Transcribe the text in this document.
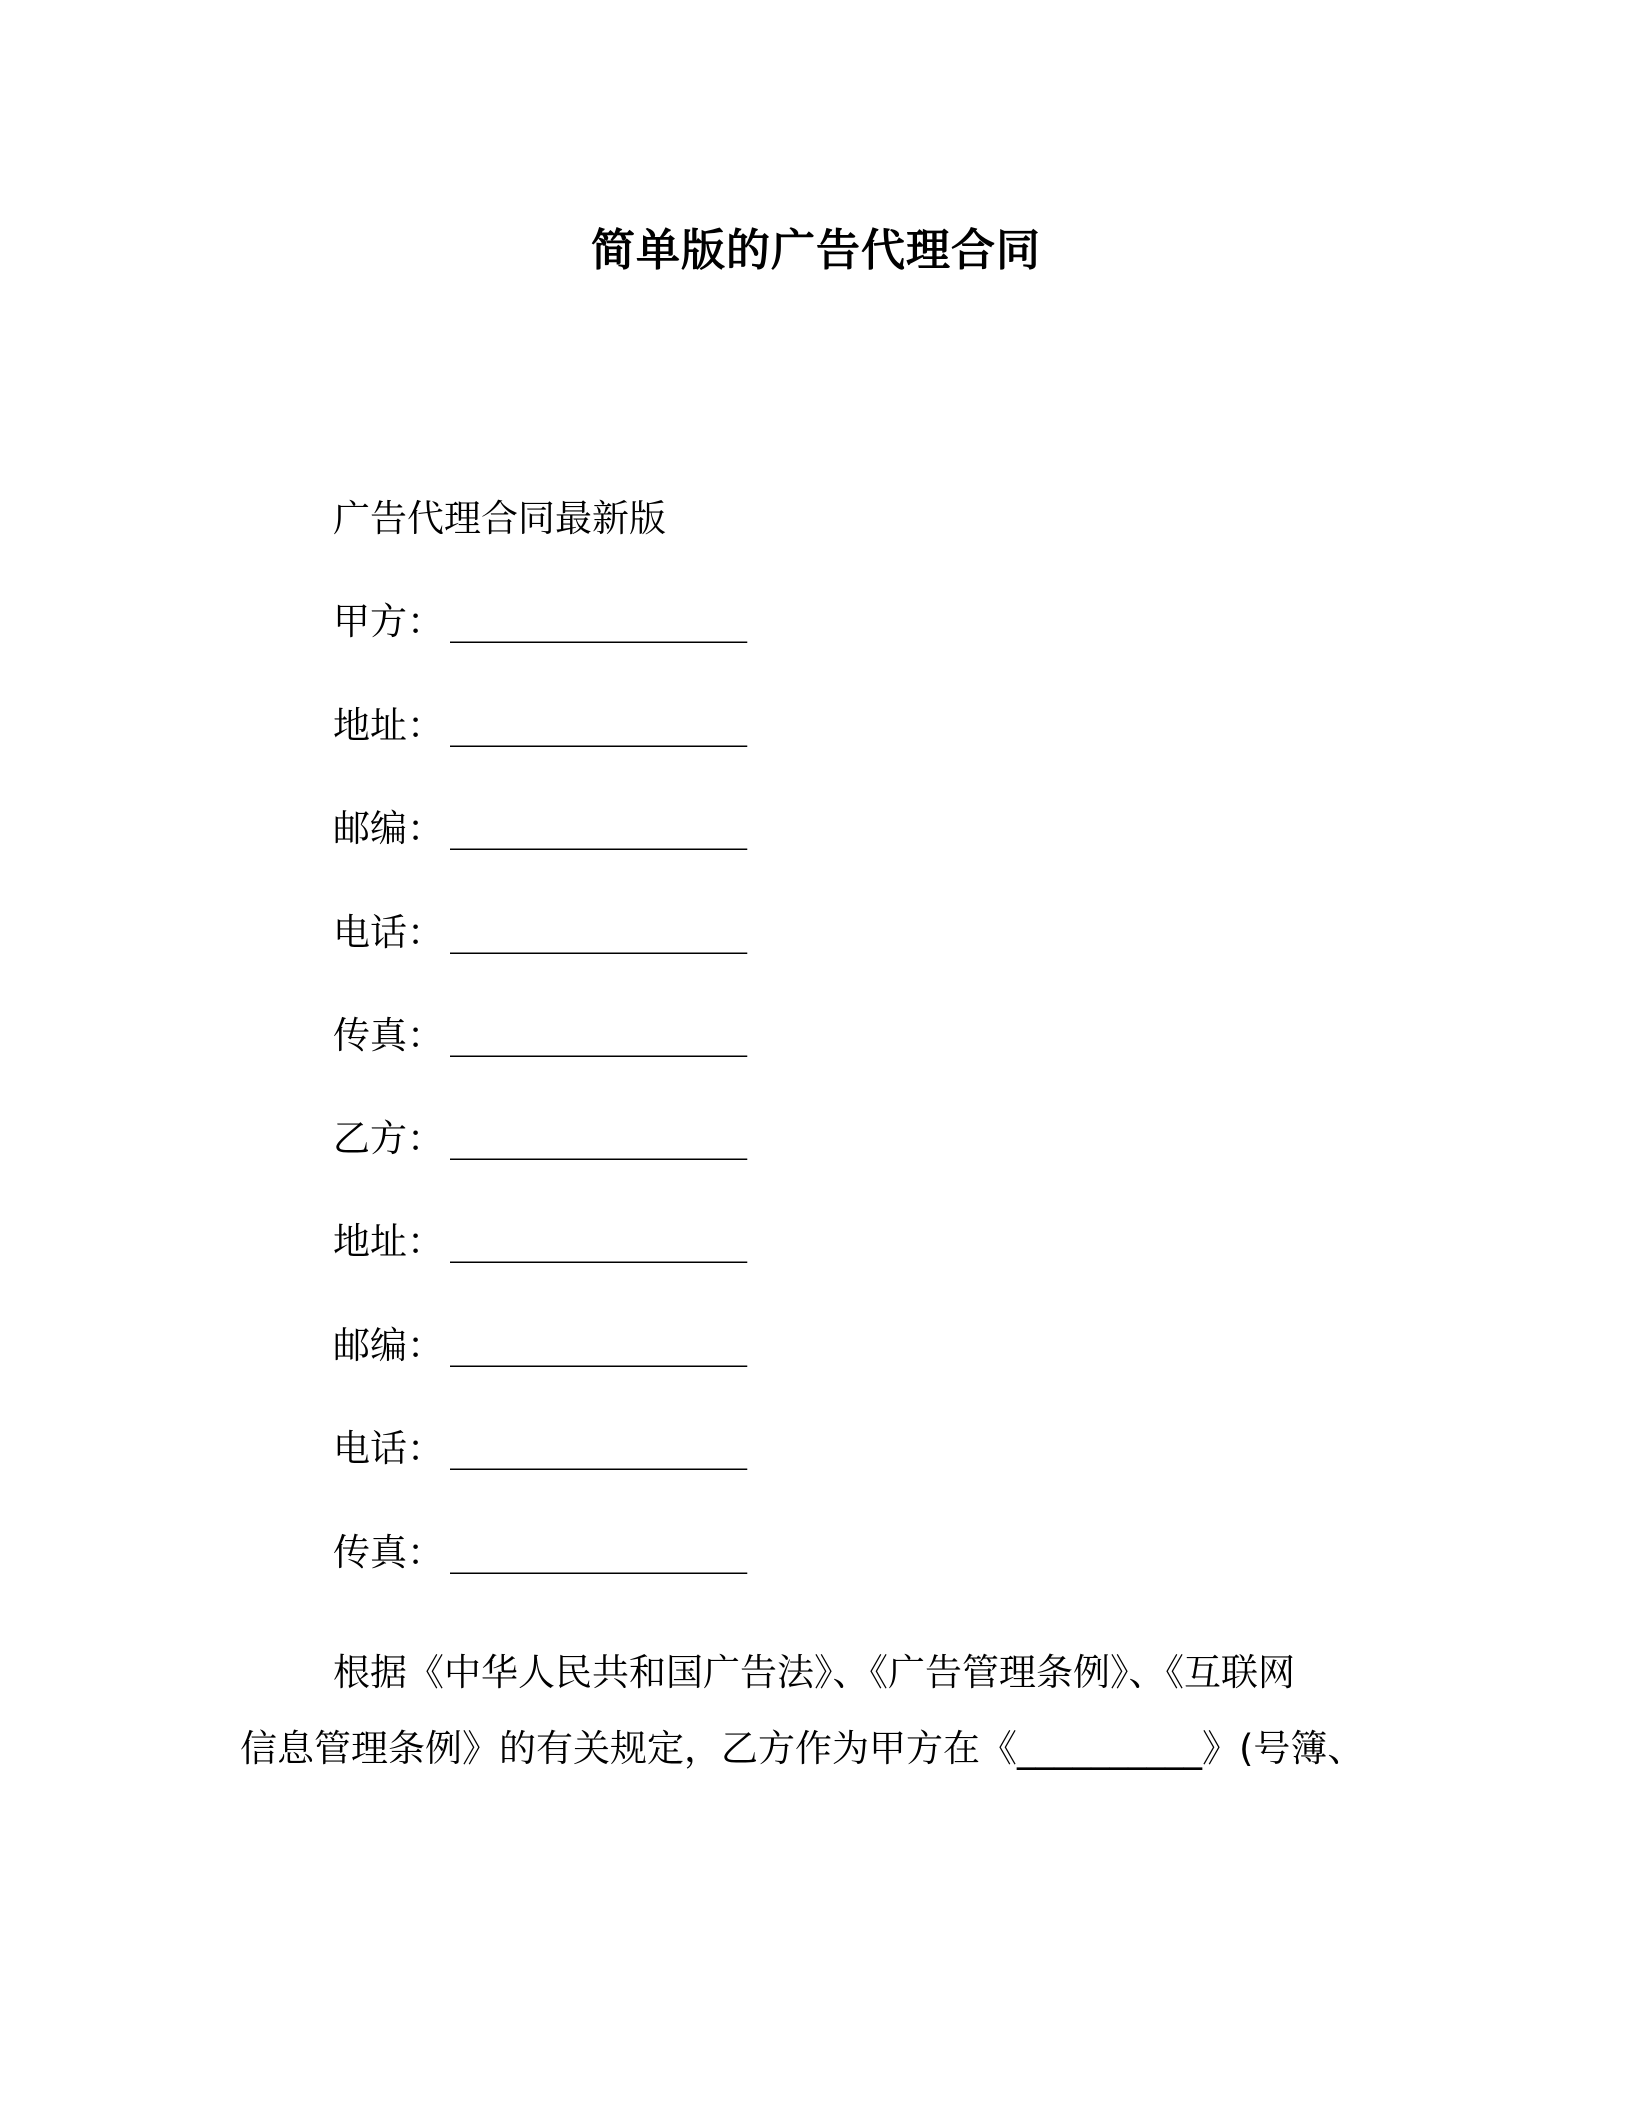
简单版的广告代理合同
广告代理合同最新版
甲方： ____________________
地址： ____________________
邮编： ____________________
电话： ____________________
传真： ____________________
乙方： ____________________
地址： ____________________
邮编： ____________________
电话： ____________________
传真： ____________________
根据《中华人民共和国广告法》、《广告管理条例》、《互联网
信息管理条例》的有关规定，乙方作为甲方在《__________》(号簿、
